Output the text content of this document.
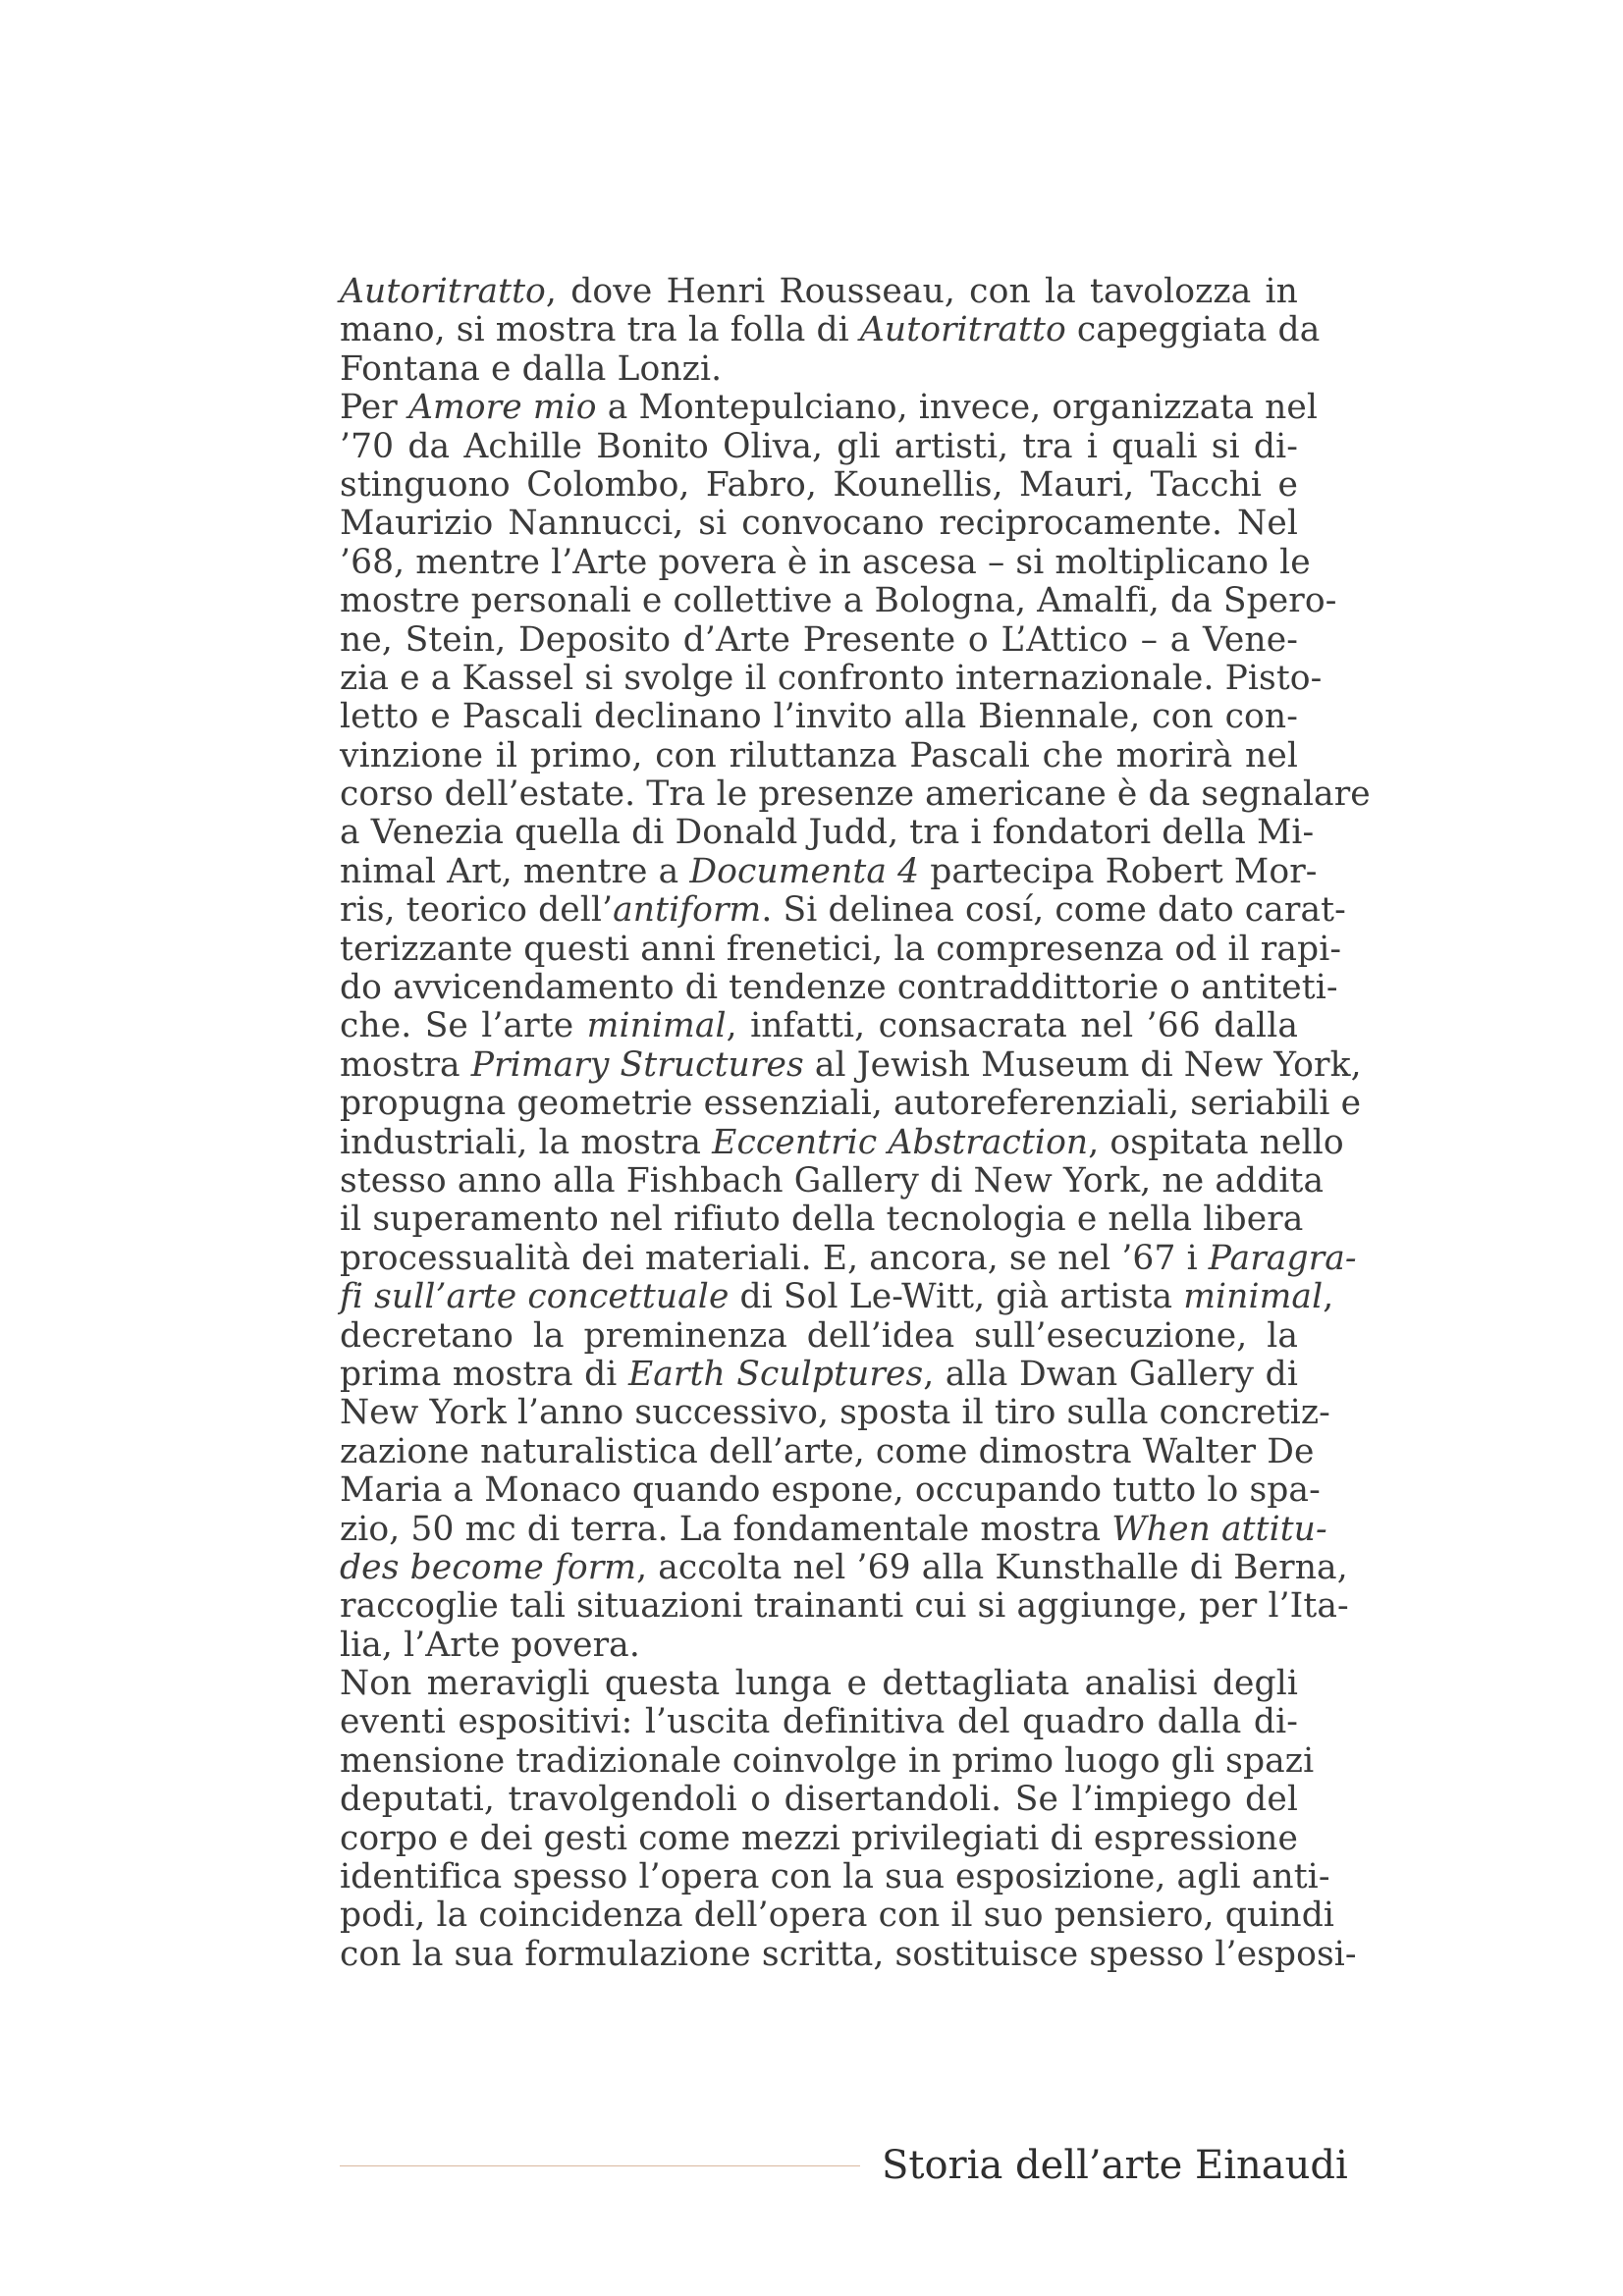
Autoritratto, dove Henri Rousseau, con la tavolozza in
mano, si mostra tra la folla di Autoritratto capeggiata da
Fontana e dalla Lonzi.
Per Amore mio a Montepulciano, invece, organizzata nel
’70 da Achille Bonito Oliva, gli artisti, tra i quali si di-
stinguono Colombo, Fabro, Kounellis, Mauri, Tacchi e
Maurizio Nannucci, si convocano reciprocamente. Nel
’68, mentre l’Arte povera è in ascesa – si moltiplicano le
mostre personali e collettive a Bologna, Amalfi, da Spero-
ne, Stein, Deposito d’Arte Presente o L’Attico – a Vene-
zia e a Kassel si svolge il confronto internazionale. Pisto-
letto e Pascali declinano l’invito alla Biennale, con con-
vinzione il primo, con riluttanza Pascali che morirà nel
corso dell’estate. Tra le presenze americane è da segnalare
a Venezia quella di Donald Judd, tra i fondatori della Mi-
nimal Art, mentre a Documenta 4 partecipa Robert Mor-
ris, teorico dell’antiform. Si delinea cosí, come dato carat-
terizzante questi anni frenetici, la compresenza od il rapi-
do avvicendamento di tendenze contraddittorie o antiteti-
che. Se l’arte minimal, infatti, consacrata nel ’66 dalla
mostra Primary Structures al Jewish Museum di New York,
propugna geometrie essenziali, autoreferenziali, seriabili e
industriali, la mostra Eccentric Abstraction, ospitata nello
stesso anno alla Fishbach Gallery di New York, ne addita
il superamento nel rifiuto della tecnologia e nella libera
processualità dei materiali. E, ancora, se nel ’67 i Paragra-
fi sull’arte concettuale di Sol Le-Witt, già artista minimal,
decretano la preminenza dell’idea sull’esecuzione, la
prima mostra di Earth Sculptures, alla Dwan Gallery di
New York l’anno successivo, sposta il tiro sulla concretiz-
zazione naturalistica dell’arte, come dimostra Walter De
Maria a Monaco quando espone, occupando tutto lo spa-
zio, 50 mc di terra. La fondamentale mostra When attitu-
des become form, accolta nel ’69 alla Kunsthalle di Berna,
raccoglie tali situazioni trainanti cui si aggiunge, per l’Ita-
lia, l’Arte povera.
Non meravigli questa lunga e dettagliata analisi degli
eventi espositivi: l’uscita definitiva del quadro dalla di-
mensione tradizionale coinvolge in primo luogo gli spazi
deputati, travolgendoli o disertandoli. Se l’impiego del
corpo e dei gesti come mezzi privilegiati di espressione
identifica spesso l’opera con la sua esposizione, agli anti-
podi, la coincidenza dell’opera con il suo pensiero, quindi
con la sua formulazione scritta, sostituisce spesso l’esposi-
Storia dell’arte Einaudi
